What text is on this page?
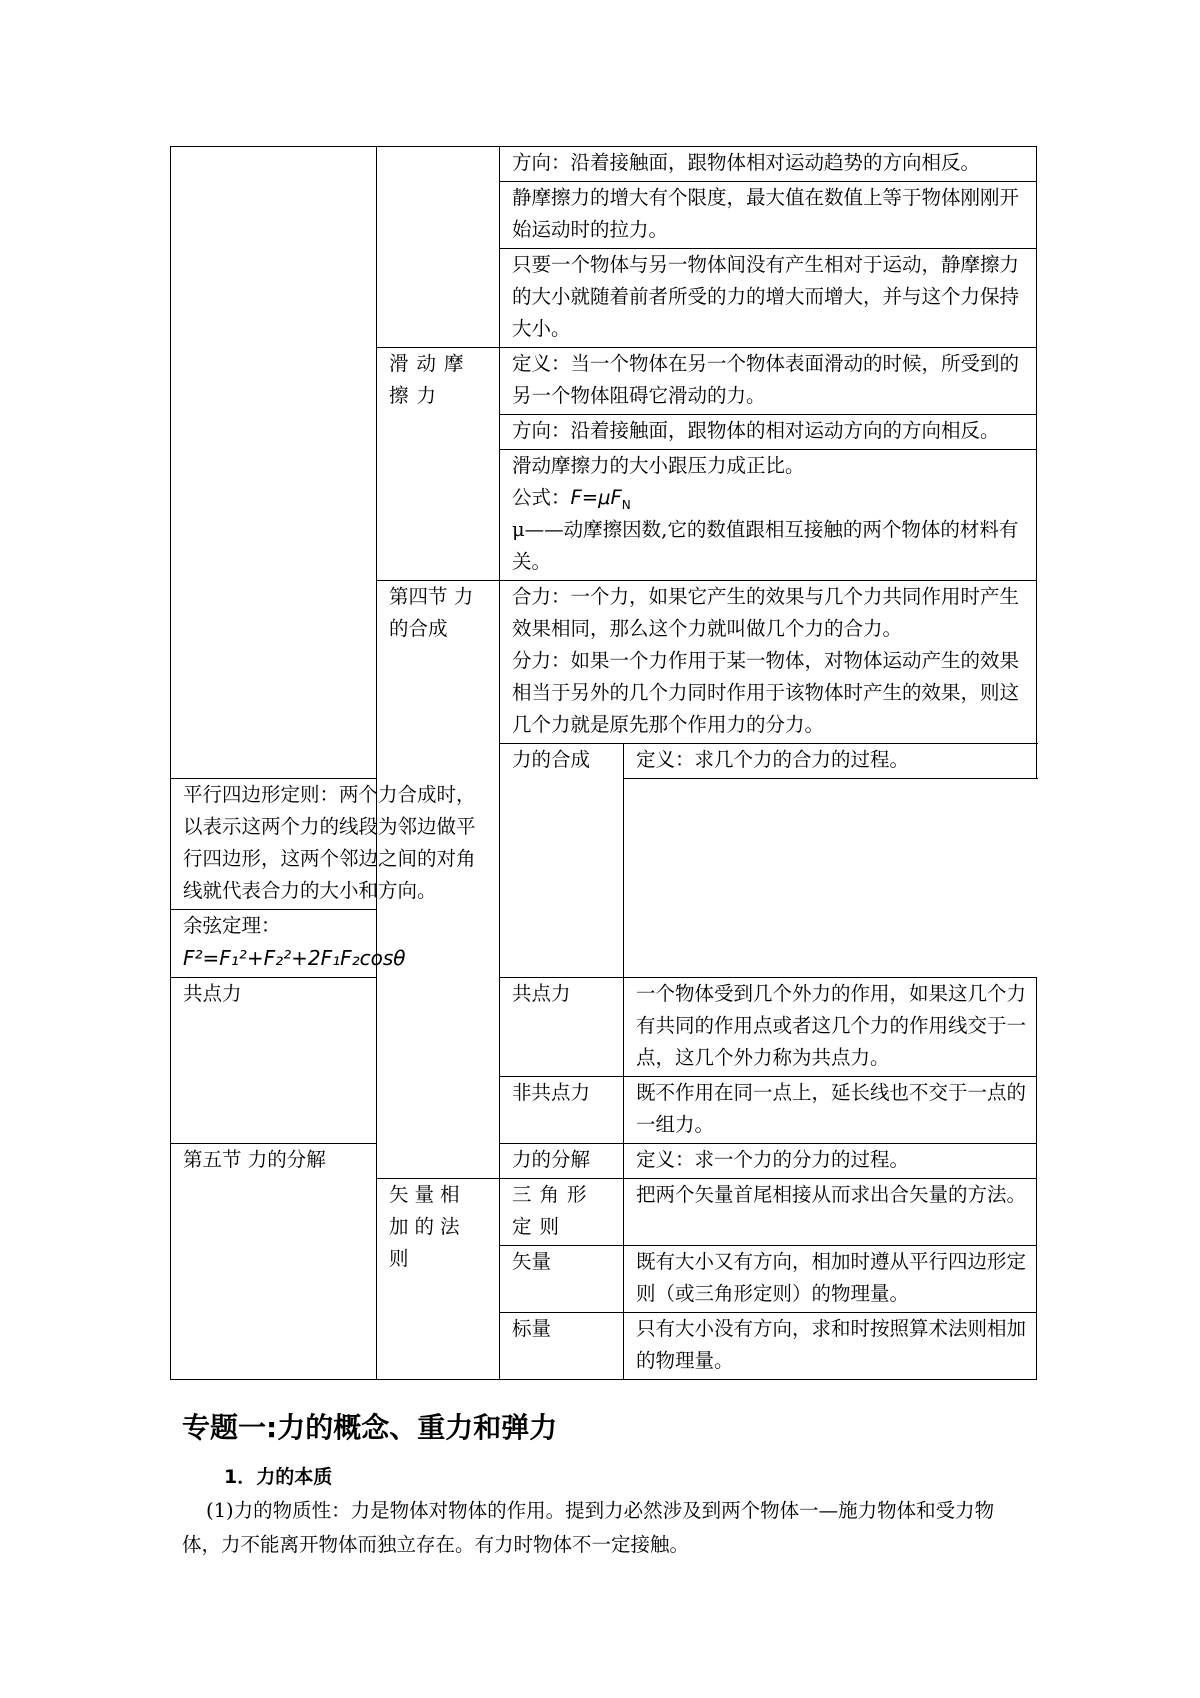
		方向：沿着接触面，跟物体相对运动趋势的方向相反。	
		静摩擦力的增大有个限度，最大值在数值上等于物体刚刚开始运动时的拉力。	
		只要一个物体与另一物体间没有产生相对于运动，静摩擦力的大小就随着前者所受的力的增大而增大，并与这个力保持大小。	
	滑动摩擦力	定义：当一个物体在另一个物体表面滑动的时候，所受到的另一个物体阻碍它滑动的力。	
		方向：沿着接触面，跟物体的相对运动方向的方向相反。	

		滑动摩擦力的大小跟压力成正比。
公式：$F=\mu F_N$
μ——动摩擦因数,它的数值跟相互接触的两个物体的材料有关。	

	第四节 力的合成	合力：一个力，如果它产生的效果与几个力共同作用时产生效果相同，那么这个力就叫做几个力的合力。
分力：如果一个力作用于某一物体，对物体运动产生的效果相当于另外的几个力同时作用于该物体时产生的效果，则这几个力就是原先那个作用力的分力。	

		力的合成	定义：求几个力的合力的过程。
平行四边形定则：两个力合成时，以表示这两个力的线段为邻边做平行四边形，这两个邻边之间的对角线就代表合力的大小和方向。			
余弦定理：F²=F₁²+F₂²+2F₁F₂cosθ			
共点力		共点力	一个物体受到几个外力的作用，如果这几个力有共同的作用点或者这几个力的作用线交于一点，这几个外力称为共点力。
		非共点力	既不作用在同一点上，延长线也不交于一点的一组力。
第五节 力的分解		力的分解	定义：求一个力的分力的过程。
	矢量相加的法则	三角形定则	把两个矢量首尾相接从而求出合矢量的方法。
		矢量	既有大小又有方向，相加时遵从平行四边形定则（或三角形定则）的物理量。
		标量	只有大小没有方向，求和时按照算术法则相加的物理量。
专题一:力的概念、重力和弹力
1．力的本质
(1)力的物质性：力是物体对物体的作用。提到力必然涉及到两个物体一—施力物体和受力物体，力不能离开物体而独立存在。有力时物体不一定接触。
